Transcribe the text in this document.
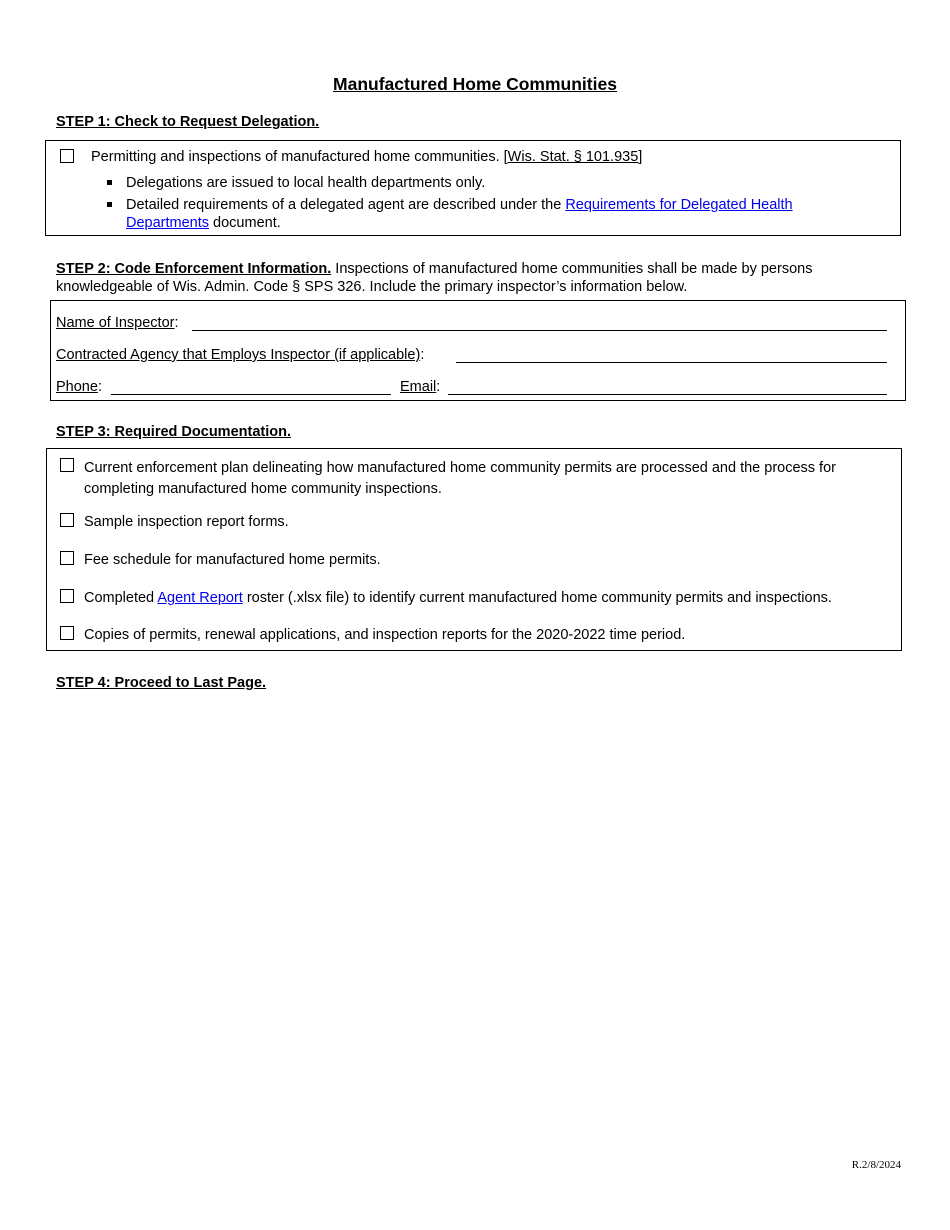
Manufactured Home Communities
STEP 1: Check to Request Delegation.
Permitting and inspections of manufactured home communities. [Wis. Stat. § 101.935]
Delegations are issued to local health departments only.
Detailed requirements of a delegated agent are described under the Requirements for Delegated Health
Departments document.
STEP 2: Code Enforcement Information. Inspections of manufactured home communities shall be made by persons
knowledgeable of Wis. Admin. Code § SPS 326. Include the primary inspector’s information below.
Name of Inspector:
Contracted Agency that Employs Inspector (if applicable):
Phone:	Email:
STEP 3: Required Documentation.
Current enforcement plan delineating how manufactured home community permits are processed and the process for
completing manufactured home community inspections.
Sample inspection report forms.
Fee schedule for manufactured home permits.
Completed Agent Report roster (.xlsx file) to identify current manufactured home community permits and inspections.
Copies of permits, renewal applications, and inspection reports for the 2020-2022 time period.
STEP 4: Proceed to Last Page.
R.2/8/2024
